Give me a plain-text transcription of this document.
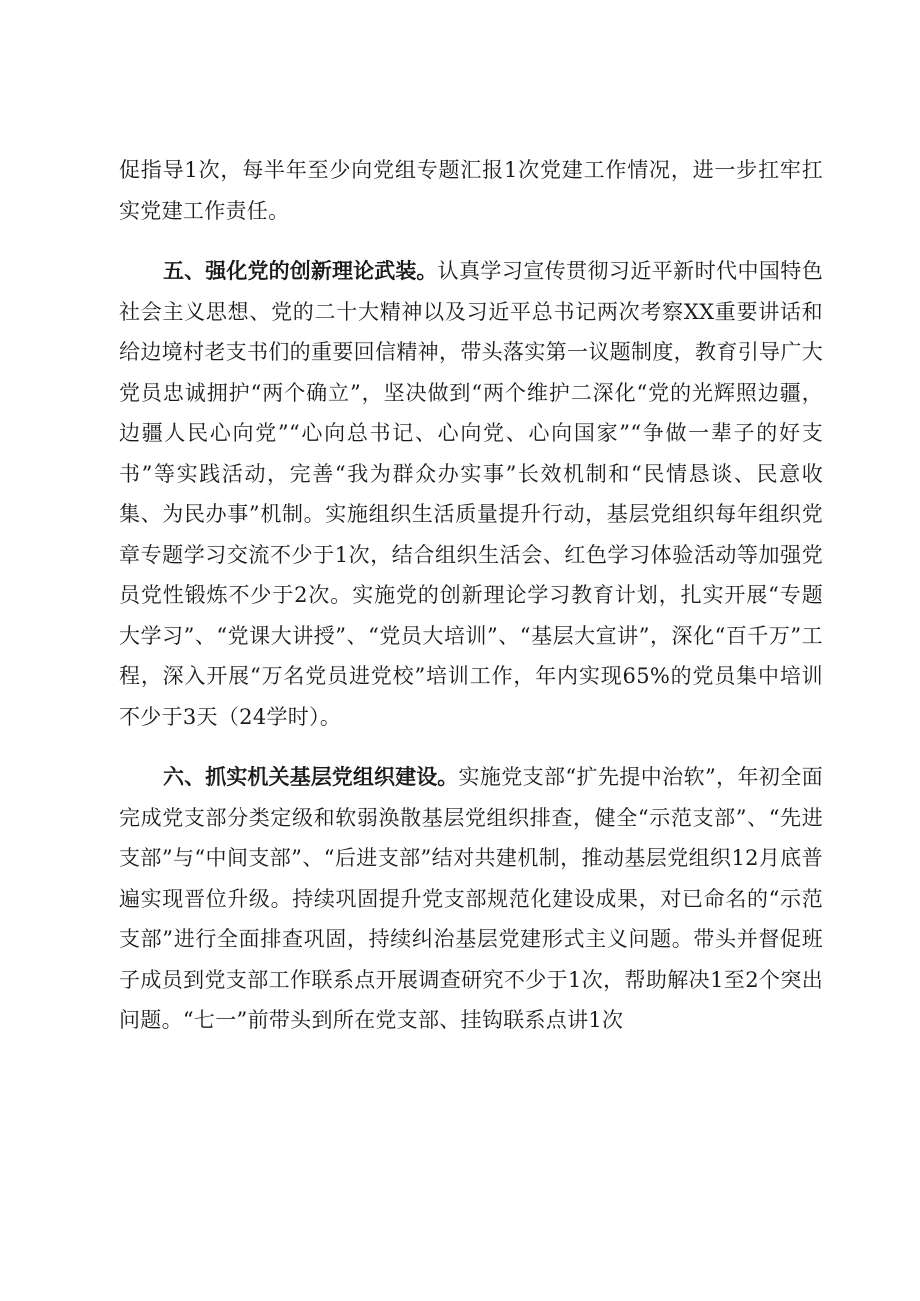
促指导1次，每半年至少向党组专题汇报1次党建工作情况，进一步扛牢扛实党建工作责任。

五、强化党的创新理论武装。认真学习宣传贯彻习近平新时代中国特色社会主义思想、党的二十大精神以及习近平总书记两次考察XX重要讲话和给边境村老支书们的重要回信精神，带头落实第一议题制度，教育引导广大党员忠诚拥护“两个确立”，坚决做到“两个维护二深化“党的光辉照边疆，边疆人民心向党”“心向总书记、心向党、心向国家”“争做一辈子的好支书”等实践活动，完善“我为群众办实事”长效机制和“民情恳谈、民意收集、为民办事”机制。实施组织生活质量提升行动，基层党组织每年组织党章专题学习交流不少于1次，结合组织生活会、红色学习体验活动等加强党员党性锻炼不少于2次。实施党的创新理论学习教育计划，扎实开展“专题大学习”、“党课大讲授”、“党员大培训”、“基层大宣讲”，深化“百千万”工程，深入开展“万名党员进党校”培训工作，年内实现65%的党员集中培训不少于3天（24学时）。

六、抓实机关基层党组织建设。实施党支部“扩先提中治软”，年初全面完成党支部分类定级和软弱涣散基层党组织排查，健全“示范支部”、“先进支部”与“中间支部”、“后进支部”结对共建机制，推动基层党组织12月底普遍实现晋位升级。持续巩固提升党支部规范化建设成果，对已命名的“示范支部”进行全面排查巩固，持续纠治基层党建形式主义问题。带头并督促班子成员到党支部工作联系点开展调查研究不少于1次，帮助解决1至2个突出问题。“七一”前带头到所在党支部、挂钩联系点讲1次
